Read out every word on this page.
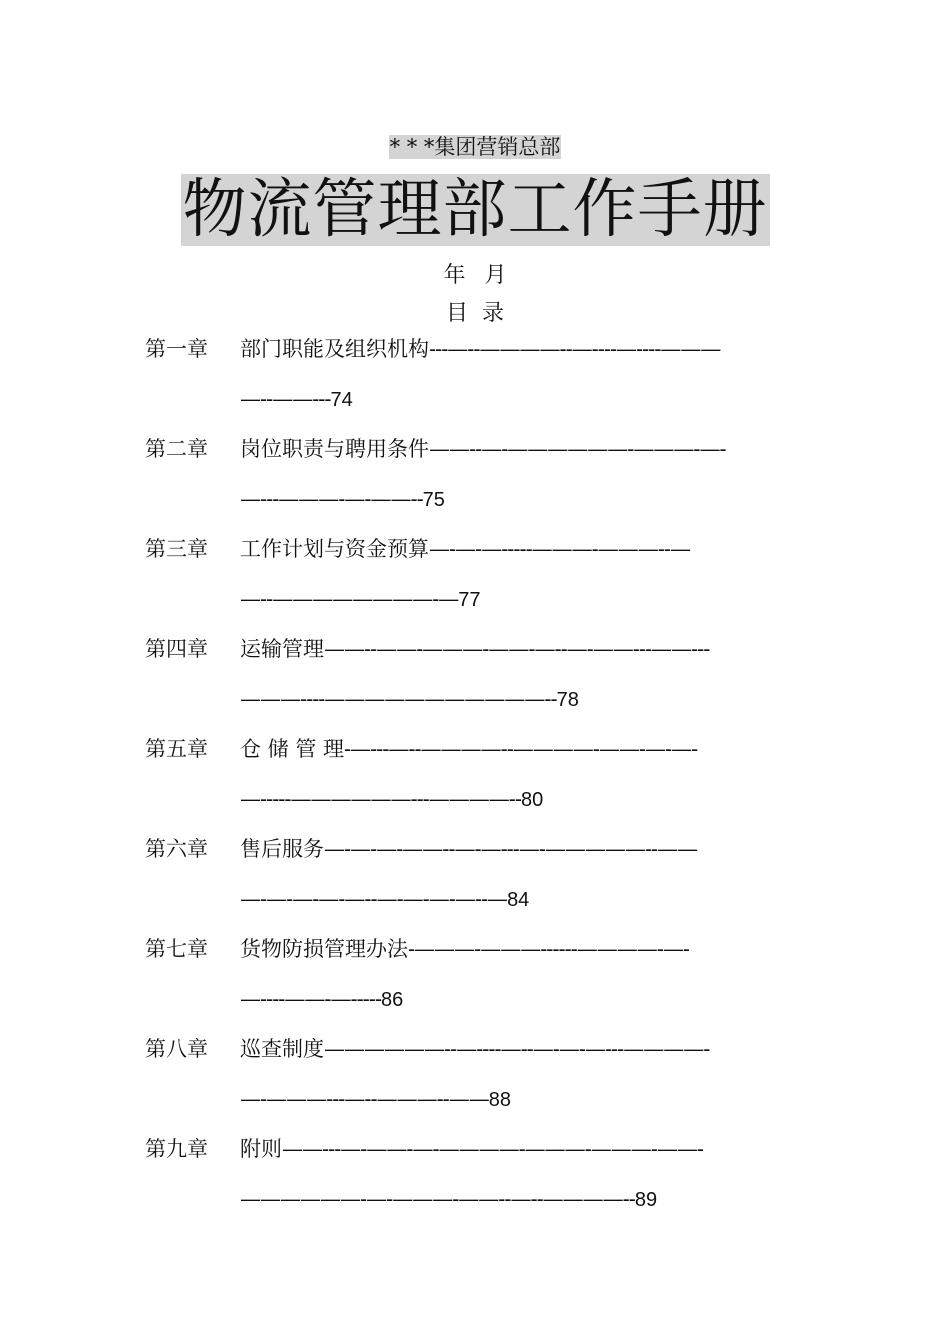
* * *集团营销总部
物流管理部工作手册
年 月
目  录
第一章 部门职能及组织机构---—--————--—----—----———
—--——---74
第二章 岗位职责与聘用条件——--—-——————-———-—-
—---———-—-——--75
第三章 工作计划与资金预算—-—-—-----———-———--—
—--————————-—77
第四章 运输管理——--——-———-——-—--—-——---——---
———----———————————--78
第五章 仓 储 管 理-—---—--————--————-——-—-—-
—-----——————---————--80
第六章 售后服务—-—-—-——--—-—---—-—————--——
—-—-—-—-—--—-—-—-—--—84
第七章 货物防损管理办法-———-———------————-—-
—----——-—-----86
第八章 巡查制度——————--—----—--—-—-—---————-
—-———---—--———--——88
第九章 附则——---—-——-—-————-———-———-——-
——————-—-———-——--—--————--89
